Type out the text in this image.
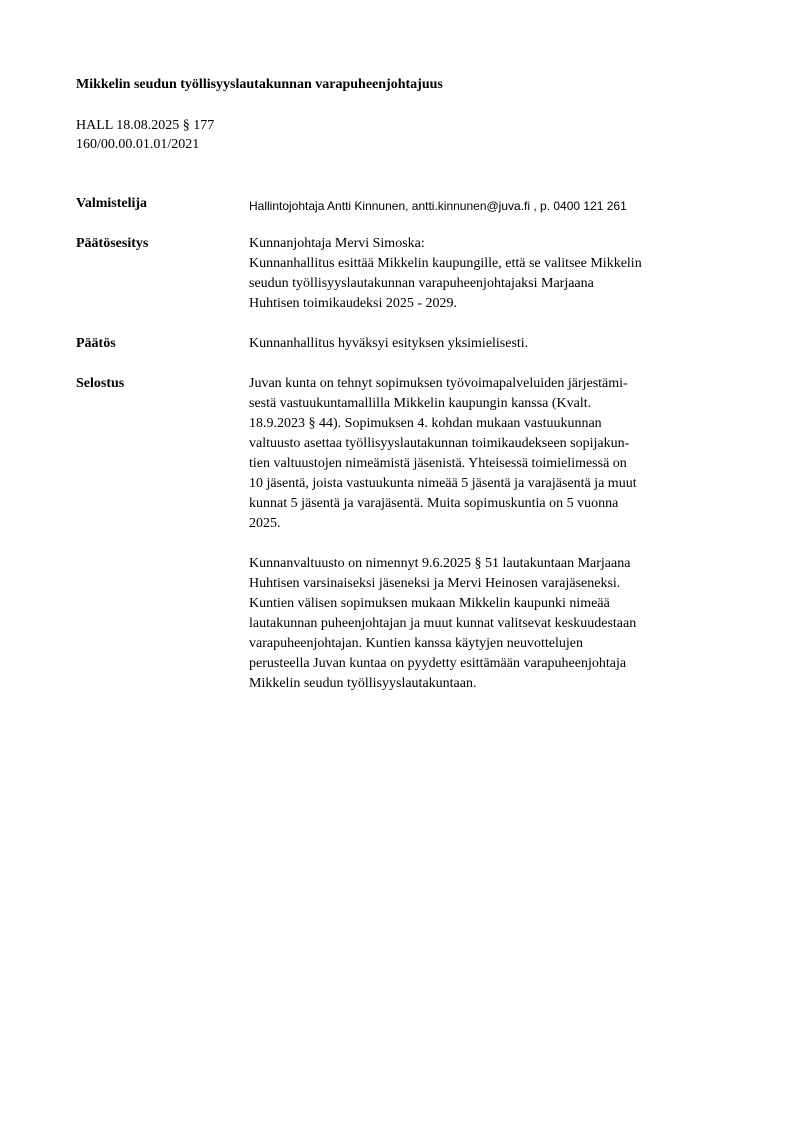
Mikkelin seudun työllisyyslautakunnan varapuheenjohtajuus
HALL 18.08.2025 § 177
160/00.00.01.01/2021
Valmistelija	Hallintojohtaja Antti Kinnunen, antti.kinnunen@juva.fi , p. 0400 121 261
Päätösesitys	Kunnanjohtaja Mervi Simoska:
Kunnanhallitus esittää Mikkelin kaupungille, että se valitsee Mikkelin
seudun työllisyyslautakunnan varapuheenjohtajaksi Marjaana
Huhtisen toimikaudeksi 2025 - 2029.
Päätös	Kunnanhallitus hyväksyi esityksen yksimielisesti.
Selostus	Juvan kunta on tehnyt sopimuksen työvoimapalveluiden järjestämi-
sestä vastuukuntamallilla Mikkelin kaupungin kanssa (Kvalt.
18.9.2023 § 44). Sopimuksen 4. kohdan mukaan vastuukunnan
valtuusto asettaa työllisyyslautakunnan toimikaudekseen sopijakun-
tien valtuustojen nimeämistä jäsenistä. Yhteisessä toimielimessä on
10 jäsentä, joista vastuukunta nimeää 5 jäsentä ja varajäsentä ja muut
kunnat 5 jäsentä ja varajäsentä. Muita sopimuskuntia on 5 vuonna
2025.
Kunnanvaltuusto on nimennyt 9.6.2025 § 51 lautakuntaan Marjaana
Huhtisen varsinaiseksi jäseneksi ja Mervi Heinosen varajäseneksi.
Kuntien välisen sopimuksen mukaan Mikkelin kaupunki nimeää
lautakunnan puheenjohtajan ja muut kunnat valitsevat keskuudestaan
varapuheenjohtajan. Kuntien kanssa käytyjen neuvottelujen
perusteella Juvan kuntaa on pyydetty esittämään varapuheenjohtaja
Mikkelin seudun työllisyyslautakuntaan.
